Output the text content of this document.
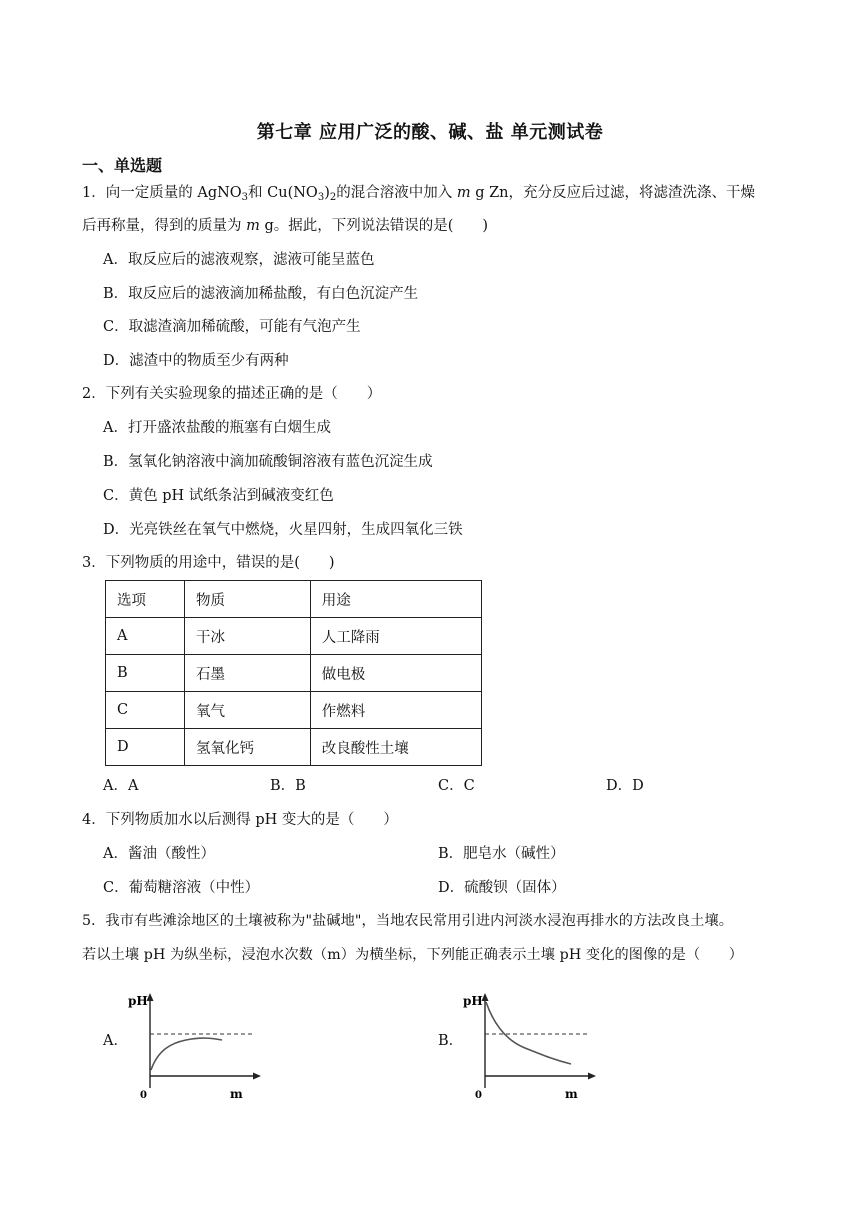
第七章 应用广泛的酸、碱、盐 单元测试卷
一、单选题
1．向一定质量的 AgNO$_3$和 $Cu(NO_3)_2$的混合溶液中加入 m g Zn，充分反应后过滤，将滤渣洗涤、干燥
后再称量，得到的质量为 m g。据此，下列说法错误的是(　　)
A．取反应后的滤液观察，滤液可能呈蓝色
B．取反应后的滤液滴加稀盐酸，有白色沉淀产生
C．取滤渣滴加稀硫酸，可能有气泡产生
D．滤渣中的物质至少有两种
2．下列有关实验现象的描述正确的是（　　）
A．打开盛浓盐酸的瓶塞有白烟生成
B．氢氧化钠溶液中滴加硫酸铜溶液有蓝色沉淀生成
C．黄色 pH 试纸条沾到碱液变红色
D．光亮铁丝在氧气中燃烧，火星四射，生成四氧化三铁
3．下列物质的用途中，错误的是(　　)
选项	物质	用途
A	干冰	人工降雨
B	石墨	做电极
C	氧气	作燃料
D	氢氧化钙	改良酸性土壤
A．A	B．B	C．C	D．D
4．下列物质加水以后测得 pH 变大的是（　　）
A．酱油（酸性）	B．肥皂水（碱性）
C．葡萄糖溶液（中性）	D．硫酸钡（固体）
5．我市有些滩涂地区的土壤被称为"盐碱地"，当地农民常用引进内河淡水浸泡再排水的方法改良土壤。
若以土壤 pH 为纵坐标，浸泡水次数（m）为横坐标，下列能正确表示土壤 pH 变化的图像的是（　　）
A．
pH
0	m
B．
pH
0	m
